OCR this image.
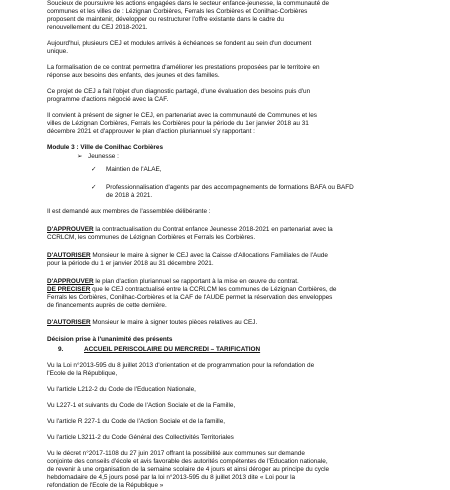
Soucieux de poursuivre les actions engagées dans le secteur enfance-jeunesse, la communauté de
communes et les villes de : Lézignan Corbières, Ferrals les Corbières et Conilhac-Corbières
proposent de maintenir, développer ou restructurer l'offre existante dans le cadre du
renouvellement du CEJ 2018-2021.
Aujourd'hui, plusieurs CEJ et modules arrivés à échéances se fondent au sein d'un document
unique.
La formalisation de ce contrat permettra d'améliorer les prestations proposées par le territoire en
réponse aux besoins des enfants, des jeunes et des familles.
Ce projet de CEJ a fait l'objet d'un diagnostic partagé, d'une évaluation des besoins puis d'un
programme d'actions négocié avec la CAF.
Il convient à présent de signer le CEJ, en partenariat avec la communauté de Communes et les
villes de Lézignan Corbières, Ferrals les Corbières pour la période du 1er janvier 2018 au 31
décembre 2021 et d'approuver le plan d'action pluriannuel s'y rapportant :
Module 3 : Ville de Conilhac Corbières
➢ Jeunesse :
✓ Maintien de l'ALAE,
✓ Professionnalisation d'agents par des accompagnements de formations BAFA ou BAFD
de 2018 à 2021.
Il est demandé aux membres de l'assemblée délibérante :
D'APPROUVER la contractualisation du Contrat enfance Jeunesse 2018-2021 en partenariat avec la
CCRLCM, les communes de Lézignan Corbières et Ferrals les Corbières.
D'AUTORISER Monsieur le maire à signer le CEJ avec la Caisse d'Allocations Familiales de l'Aude
pour la période du 1 er janvier 2018 au 31 décembre 2021.
D'APPROUVER le plan d'action pluriannuel se rapportant à la mise en œuvre du contrat.
DE PRECISER que le CEJ contractualisé entre la CCRLCM les communes de Lézignan Corbières, de
Ferrals les Corbières, Conilhac-Corbières et la CAF de l'AUDE permet la réservation des enveloppes
de financements auprès de cette dernière.
D'AUTORISER Monsieur le maire à signer toutes pièces relatives au CEJ.
Décision prise à l'unanimité des présents
9.	ACCUEIL PERISCOLAIRE DU MERCREDI – TARIFICATION
Vu la Loi n°2013-595 du 8 juillet 2013 d'orientation et de programmation pour la refondation de
l'Ecole de la République,
Vu l'article L212-2 du Code de l'Education Nationale,
Vu L227-1 et suivants du Code de l'Action Sociale et de la Famille,
Vu l'article R 227-1 du Code de l'Action Sociale et de la famille,
Vu l'article L3211-2 du Code Général des Collectivités Territoriales
Vu le décret n°2017-1108 du 27 juin 2017 offrant la possibilité aux communes sur demande
conjointe des conseils d'école et avis favorable des autorités compétentes de l'Education nationale,
de revenir à une organisation de la semaine scolaire de 4 jours et ainsi déroger au principe du cycle
hebdomadaire de 4,5 jours posé par la loi n°2013-595 du 8 juillet 2013 dite « Loi pour la
refondation de l'Ecole de la République »
